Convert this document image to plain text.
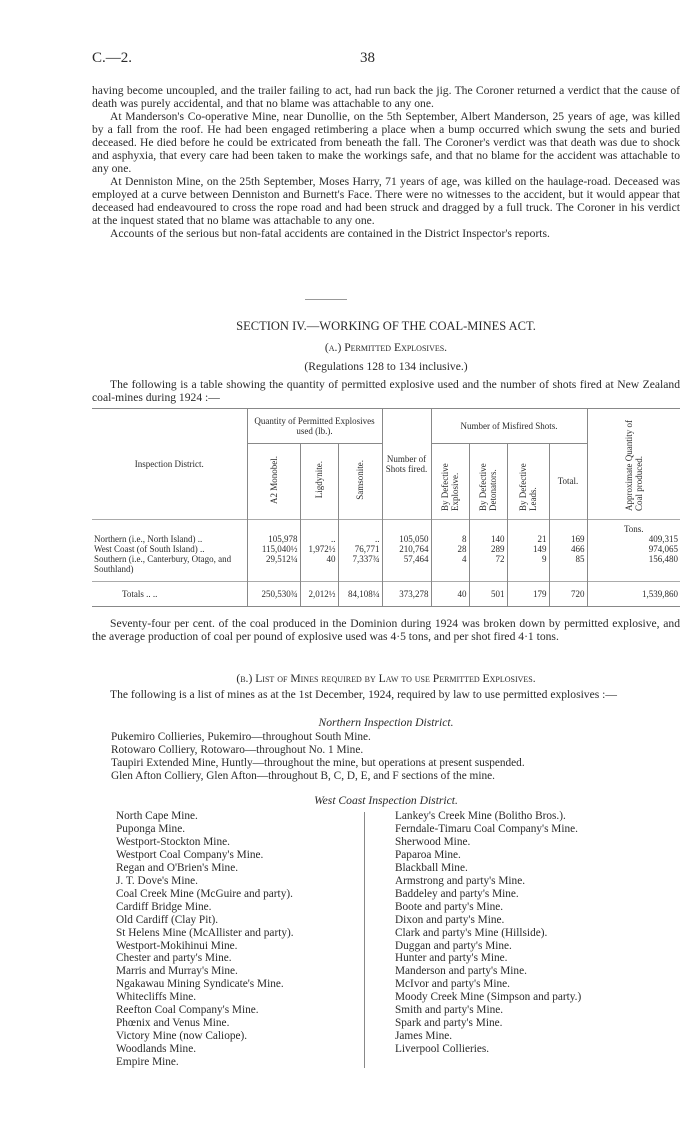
C.—2.	38

having become uncoupled, and the trailer failing to act, had run back the jig. The Coroner returned a verdict that the cause of death was purely accidental, and that no blame was attachable to any one.

At Manderson's Co-operative Mine, near Dunollie, on the 5th September, Albert Manderson, 25 years of age, was killed by a fall from the roof. He had been engaged retimbering a place when a bump occurred which swung the sets and buried deceased. He died before he could be extricated from beneath the fall. The Coroner's verdict was that death was due to shock and asphyxia, that every care had been taken to make the workings safe, and that no blame for the accident was attachable to any one.

At Denniston Mine, on the 25th September, Moses Harry, 71 years of age, was killed on the haulage-road. Deceased was employed at a curve between Denniston and Burnett's Face. There were no witnesses to the accident, but it would appear that deceased had endeavoured to cross the rope road and had been struck and dragged by a full truck. The Coroner in his verdict at the inquest stated that no blame was attachable to any one.

Accounts of the serious but non-fatal accidents are contained in the District Inspector's reports.

SECTION IV.—WORKING OF THE COAL-MINES ACT.
(a.) Permitted Explosives.
(Regulations 128 to 134 inclusive.)

The following is a table showing the quantity of permitted explosive used and the number of shots fired at New Zealand coal-mines during 1924 :—

Inspection District.	Quantity of Permitted Explosives used (lb.).			Number of Shots fired.	Number of Misfired Shots.				Approximate Quantity of Coal produced.
	A2 Monobel.	Ligdynite.	Samsonite.		By Defective Explosive.	By Defective Detonators.	By Defective Leads.	Total.	
									Tons.
Northern (i.e., North Island) ..	105,978	..	..	105,050	8	140	21	169	409,315
West Coast (of South Island) ..	115,040½	1,972½	76,771	210,764	28	289	149	466	974,065
Southern (i.e., Canterbury, Otago, and Southland)	29,512¼	40	7,337¾	57,464	4	72	9	85	156,480

Totals .. ..	250,530¾	2,012½	84,108¼	373,278	40	501	179	720	1,539,860

Seventy-four per cent. of the coal produced in the Dominion during 1924 was broken down by permitted explosive, and the average production of coal per pound of explosive used was 4·5 tons, and per shot fired 4·1 tons.

(b.) List of Mines required by Law to use Permitted Explosives.

The following is a list of mines as at the 1st December, 1924, required by law to use permitted explosives :—

Northern Inspection District.
Pukemiro Collieries, Pukemiro—throughout South Mine.
Rotowaro Colliery, Rotowaro—throughout No. 1 Mine.
Taupiri Extended Mine, Huntly—throughout the mine, but operations at present suspended.
Glen Afton Colliery, Glen Afton—throughout B, C, D, E, and F sections of the mine.
West Coast Inspection District.
North Cape Mine.
Puponga Mine.
Westport-Stockton Mine.
Westport Coal Company's Mine.
Regan and O'Brien's Mine.
J. T. Dove's Mine.
Coal Creek Mine (McGuire and party).
Cardiff Bridge Mine.
Old Cardiff (Clay Pit).
St Helens Mine (McAllister and party).
Westport-Mokihinui Mine.
Chester and party's Mine.
Marris and Murray's Mine.
Ngakawau Mining Syndicate's Mine.
Whitecliffs Mine.
Reefton Coal Company's Mine.
Phœnix and Venus Mine.
Victory Mine (now Caliope).
Woodlands Mine.
Empire Mine.
Lankey's Creek Mine (Bolitho Bros.).
Ferndale-Timaru Coal Company's Mine.
Sherwood Mine.
Paparoa Mine.
Blackball Mine.
Armstrong and party's Mine.
Baddeley and party's Mine.
Boote and party's Mine.
Dixon and party's Mine.
Clark and party's Mine (Hillside).
Duggan and party's Mine.
Hunter and party's Mine.
Manderson and party's Mine.
McIvor and party's Mine.
Moody Creek Mine (Simpson and party.)
Smith and party's Mine.
Spark and party's Mine.
James Mine.
Liverpool Collieries.
